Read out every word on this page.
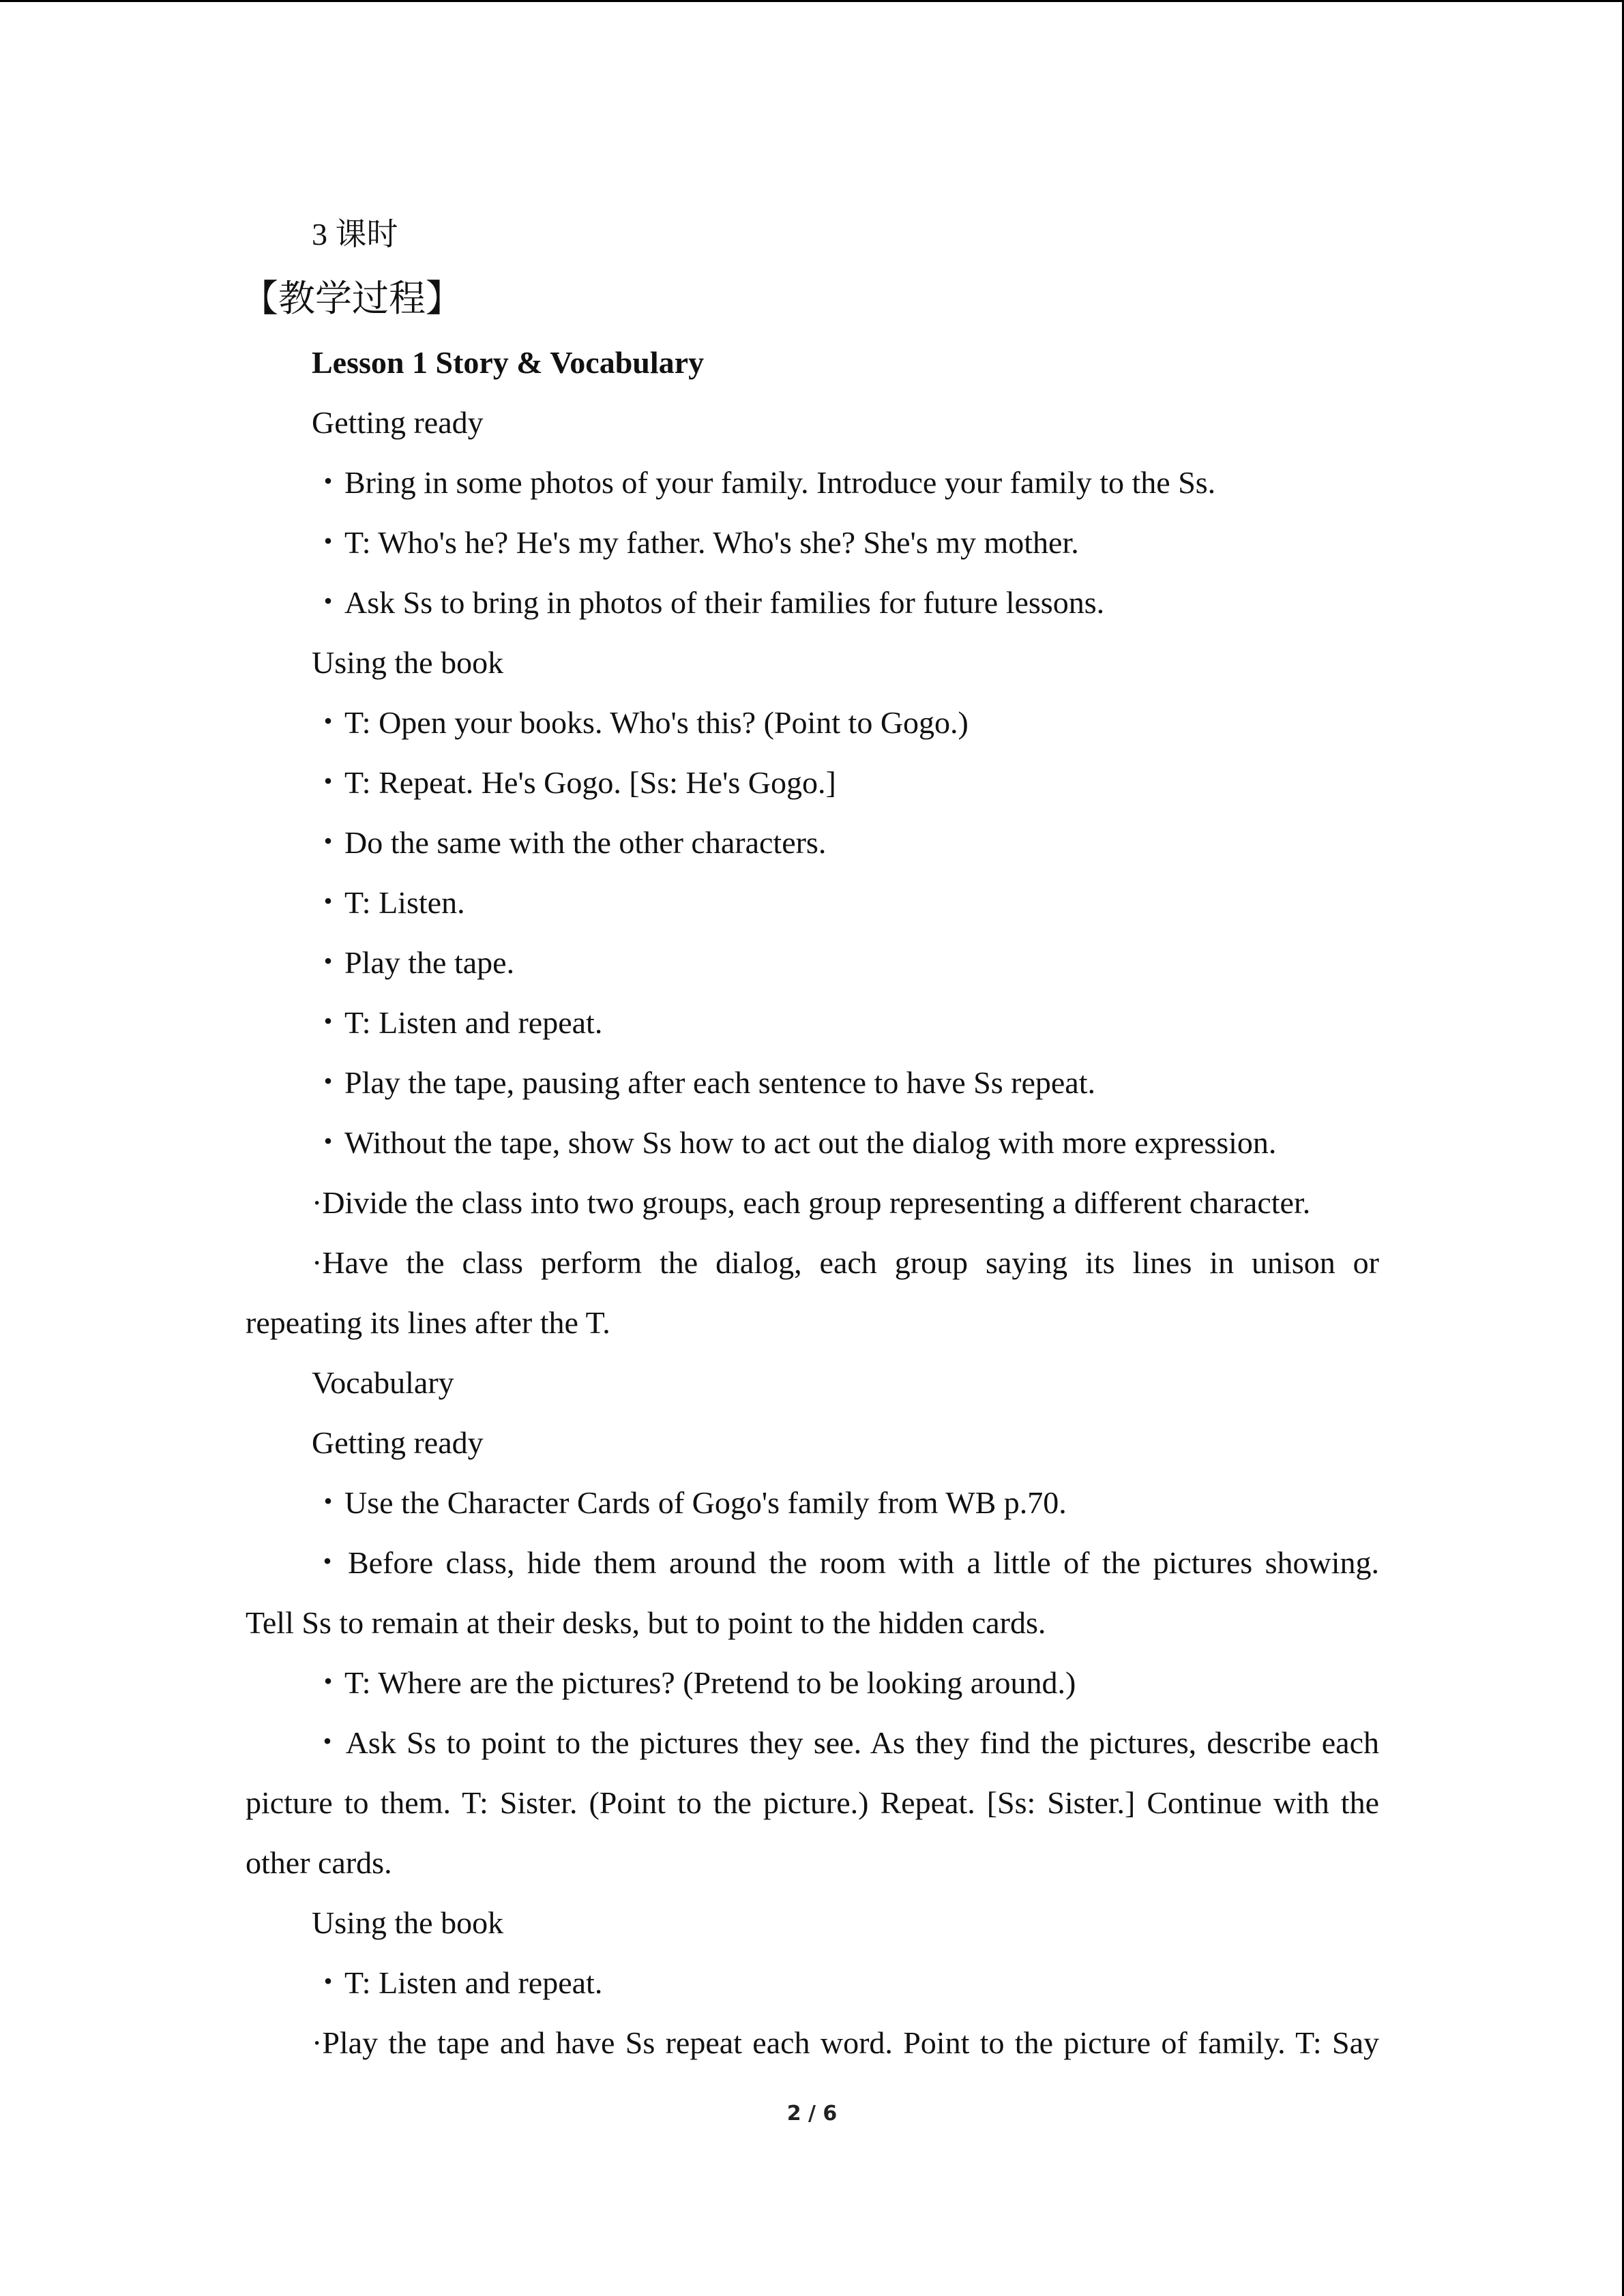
3 课时
【教学过程】
Lesson 1 Story & Vocabulary
Getting ready
・Bring in some photos of your family. Introduce your family to the Ss.
・T: Who's he? He's my father. Who's she? She's my mother.
・Ask Ss to bring in photos of their families for future lessons.
Using the book
・T: Open your books. Who's this? (Point to Gogo.)
・T: Repeat. He's Gogo. [Ss: He's Gogo.]
・Do the same with the other characters.
・T: Listen.
・Play the tape.
・T: Listen and repeat.
・Play the tape, pausing after each sentence to have Ss repeat.
・Without the tape, show Ss how to act out the dialog with more expression.
·Divide the class into two groups, each group representing a different character.
·Have the class perform the dialog, each group saying its lines in unison or
repeating its lines after the T.
Vocabulary
Getting ready
・Use the Character Cards of Gogo's family from WB p.70.
・Before class, hide them around the room with a little of the pictures showing.
Tell Ss to remain at their desks, but to point to the hidden cards.
・T: Where are the pictures? (Pretend to be looking around.)
・Ask Ss to point to the pictures they see. As they find the pictures, describe each
picture to them. T: Sister. (Point to the picture.) Repeat. [Ss: Sister.] Continue with the
other cards.
Using the book
・T: Listen and repeat.
·Play the tape and have Ss repeat each word. Point to the picture of family. T: Say
2 / 6
